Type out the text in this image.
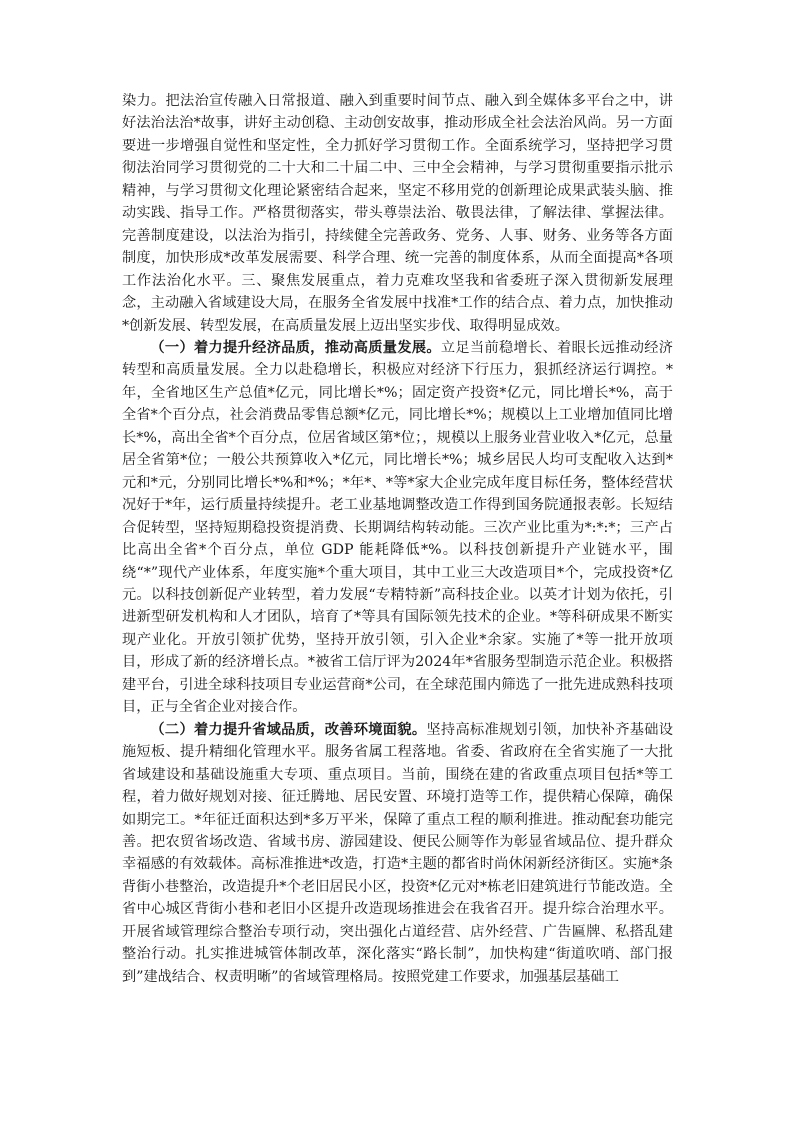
染力。把法治宣传融入日常报道、融入到重要时间节点、融入到全媒体多平台之中，讲好法治法治*故事，讲好主动创稳、主动创安故事，推动形成全社会法治风尚。另一方面要进一步增强自觉性和坚定性，全力抓好学习贯彻工作。全面系统学习，坚持把学习贯彻法治同学习贯彻党的二十大和二十届二中、三中全会精神，与学习贯彻重要指示批示精神，与学习贯彻文化理论紧密结合起来，坚定不移用党的创新理论成果武装头脑、推动实践、指导工作。严格贯彻落实，带头尊崇法治、敬畏法律，了解法律、掌握法律。完善制度建设，以法治为指引，持续健全完善政务、党务、人事、财务、业务等各方面制度，加快形成*改革发展需要、科学合理、统一完善的制度体系，从而全面提高*各项工作法治化水平。三、聚焦发展重点，着力克难攻坚我和省委班子深入贯彻新发展理念，主动融入省域建设大局，在服务全省发展中找准*工作的结合点、着力点，加快推动*创新发展、转型发展，在高质量发展上迈出坚实步伐、取得明显成效。

（一）着力提升经济品质，推动高质量发展。立足当前稳增长、着眼长远推动经济转型和高质量发展。全力以赴稳增长，积极应对经济下行压力，狠抓经济运行调控。*年，全省地区生产总值*亿元，同比增长*%；固定资产投资*亿元，同比增长*%，高于全省*个百分点，社会消费品零售总额*亿元，同比增长*%；规模以上工业增加值同比增长*%，高出全省*个百分点，位居省域区第*位；，规模以上服务业营业收入*亿元，总量居全省第*位；一般公共预算收入*亿元，同比增长*%；城乡居民人均可支配收入达到*元和*元，分别同比增长*%和*%；*年*、*等*家大企业完成年度目标任务，整体经营状况好于*年，运行质量持续提升。老工业基地调整改造工作得到国务院通报表彰。长短结合促转型，坚持短期稳投资提消费、长期调结构转动能。三次产业比重为*:*:*；三产占比高出全省*个百分点，单位 GDP 能耗降低*%。以科技创新提升产业链水平，围绕“*”现代产业体系，年度实施*个重大项目，其中工业三大改造项目*个，完成投资*亿元。以科技创新促产业转型，着力发展“专精特新”高科技企业。以英才计划为依托，引进新型研发机构和人才团队，培育了*等具有国际领先技术的企业。*等科研成果不断实现产业化。开放引领扩优势，坚持开放引领，引入企业*余家。实施了*等一批开放项目，形成了新的经济增长点。*被省工信厅评为2024年*省服务型制造示范企业。积极搭建平台，引进全球科技项目专业运营商*公司，在全球范围内筛选了一批先进成熟科技项目，正与全省企业对接合作。

（二）着力提升省域品质，改善环境面貌。坚持高标准规划引领，加快补齐基础设施短板、提升精细化管理水平。服务省属工程落地。省委、省政府在全省实施了一大批省域建设和基础设施重大专项、重点项目。当前，围绕在建的省政重点项目包括*等工程，着力做好规划对接、征迁腾地、居民安置、环境打造等工作，提供精心保障，确保如期完工。*年征迁面积达到*多万平米，保障了重点工程的顺利推进。推动配套功能完善。把农贸省场改造、省域书房、游园建设、便民公厕等作为彰显省域品位、提升群众幸福感的有效载体。高标准推进*改造，打造*主题的都省时尚休闲新经济街区。实施*条背街小巷整治，改造提升*个老旧居民小区，投资*亿元对*栋老旧建筑进行节能改造。全省中心城区背街小巷和老旧小区提升改造现场推进会在我省召开。提升综合治理水平。开展省域管理综合整治专项行动，突出强化占道经营、店外经营、广告匾牌、私搭乱建整治行动。扎实推进城管体制改革，深化落实“路长制”，加快构建“街道吹哨、部门报到”建战结合、权责明晰”的省域管理格局。按照党建工作要求，加强基层基础工
